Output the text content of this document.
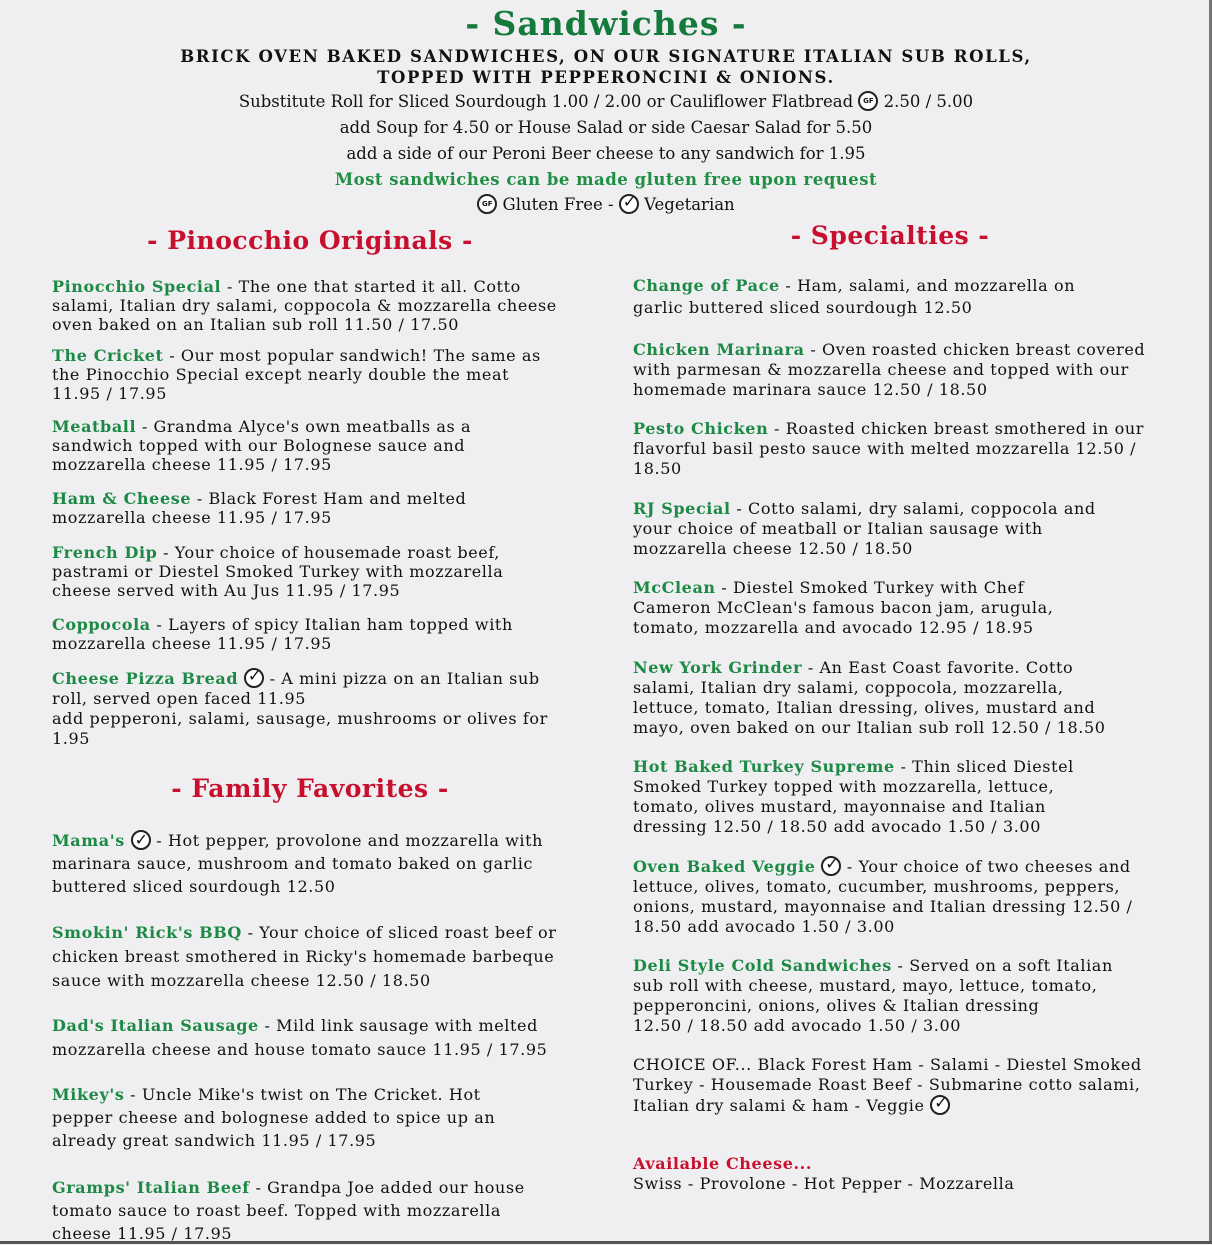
- Sandwiches -
BRICK OVEN BAKED SANDWICHES, ON OUR SIGNATURE ITALIAN SUB ROLLS,
TOPPED WITH PEPPERONCINI & ONIONS.
Substitute Roll for Sliced Sourdough 1.00 / 2.00 or Cauliflower Flatbread GF 2.50 / 5.00
add Soup for 4.50 or House Salad or side Caesar Salad for 5.50
add a side of our Peroni Beer cheese to any sandwich for 1.95
Most sandwiches can be made gluten free upon request
GF Gluten Free - ✓ Vegetarian
- Pinocchio Originals -
- Family Favorites -
- Specialties -
Pinocchio Special - The one that started it all. Cotto salami, Italian dry salami, coppocola & mozzarella cheese oven baked on an Italian sub roll 11.50 / 17.50
The Cricket - Our most popular sandwich! The same as the Pinocchio Special except nearly double the meat 11.95 / 17.95
Meatball - Grandma Alyce's own meatballs as a sandwich topped with our Bolognese sauce and mozzarella cheese 11.95 / 17.95
Ham & Cheese - Black Forest Ham and melted mozzarella cheese 11.95 / 17.95
French Dip - Your choice of housemade roast beef, pastrami or Diestel Smoked Turkey with mozzarella cheese served with Au Jus 11.95 / 17.95
Coppocola - Layers of spicy Italian ham topped with mozzarella cheese 11.95 / 17.95
Cheese Pizza Bread ✓ - A mini pizza on an Italian sub roll, served open faced 11.95
add pepperoni, salami, sausage, mushrooms or olives for 1.95
Mama's ✓ - Hot pepper, provolone and mozzarella with marinara sauce, mushroom and tomato baked on garlic buttered sliced sourdough 12.50
Smokin' Rick's BBQ - Your choice of sliced roast beef or chicken breast smothered in Ricky's homemade barbeque sauce with mozzarella cheese 12.50 / 18.50
Dad's Italian Sausage - Mild link sausage with melted mozzarella cheese and house tomato sauce 11.95 / 17.95
Mikey's - Uncle Mike's twist on The Cricket. Hot pepper cheese and bolognese added to spice up an already great sandwich 11.95 / 17.95
Gramps' Italian Beef - Grandpa Joe added our house tomato sauce to roast beef. Topped with mozzarella cheese 11.95 / 17.95
Change of Pace - Ham, salami, and mozzarella on garlic buttered sliced sourdough 12.50
Chicken Marinara - Oven roasted chicken breast covered with parmesan & mozzarella cheese and topped with our homemade marinara sauce 12.50 / 18.50
Pesto Chicken - Roasted chicken breast smothered in our flavorful basil pesto sauce with melted mozzarella 12.50 / 18.50
RJ Special - Cotto salami, dry salami, coppocola and your choice of meatball or Italian sausage with mozzarella cheese 12.50 / 18.50
McClean - Diestel Smoked Turkey with Chef Cameron McClean's famous bacon jam, arugula, tomato, mozzarella and avocado 12.95 / 18.95
New York Grinder - An East Coast favorite. Cotto salami, Italian dry salami, coppocola, mozzarella, lettuce, tomato, Italian dressing, olives, mustard and mayo, oven baked on our Italian sub roll 12.50 / 18.50
Hot Baked Turkey Supreme - Thin sliced Diestel Smoked Turkey topped with mozzarella, lettuce, tomato, olives mustard, mayonnaise and Italian dressing 12.50 / 18.50 add avocado 1.50 / 3.00
Oven Baked Veggie ✓ - Your choice of two cheeses and lettuce, olives, tomato, cucumber, mushrooms, peppers, onions, mustard, mayonnaise and Italian dressing 12.50 / 18.50 add avocado 1.50 / 3.00
Deli Style Cold Sandwiches - Served on a soft Italian sub roll with cheese, mustard, mayo, lettuce, tomato, pepperoncini, onions, olives & Italian dressing
12.50 / 18.50 add avocado 1.50 / 3.00
CHOICE OF... Black Forest Ham - Salami - Diestel Smoked Turkey - Housemade Roast Beef - Submarine cotto salami, Italian dry salami & ham - Veggie ✓
Available Cheese...
Swiss - Provolone - Hot Pepper - Mozzarella
